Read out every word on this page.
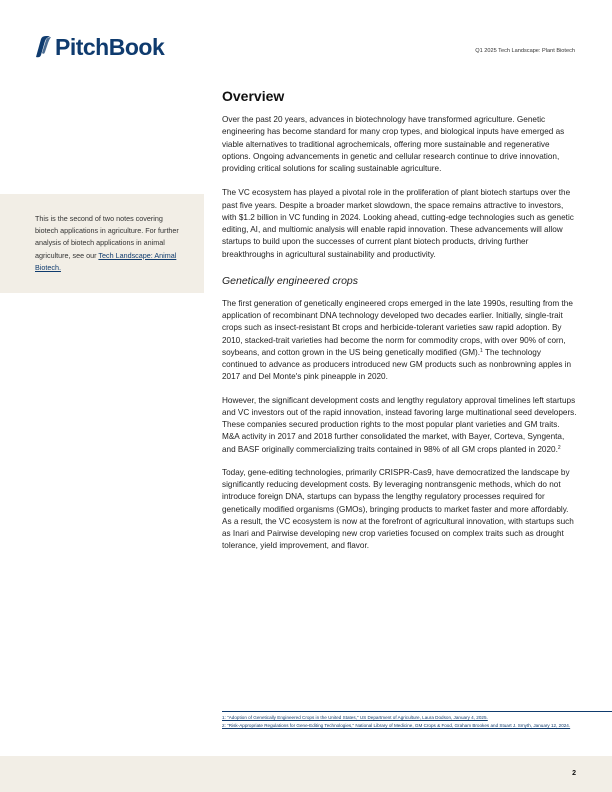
PitchBook	Q1 2025 Tech Landscape: Plant Biotech
This is the second of two notes covering biotech applications in agriculture. For further analysis of biotech applications in animal agriculture, see our Tech Landscape: Animal Biotech.
Overview

Over the past 20 years, advances in biotechnology have transformed agriculture. Genetic engineering has become standard for many crop types, and biological inputs have emerged as viable alternatives to traditional agrochemicals, offering more sustainable and regenerative options. Ongoing advancements in genetic and cellular research continue to drive innovation, providing critical solutions for scaling sustainable agriculture.

The VC ecosystem has played a pivotal role in the proliferation of plant biotech startups over the past five years. Despite a broader market slowdown, the space remains attractive to investors, with $1.2 billion in VC funding in 2024. Looking ahead, cutting-edge technologies such as genetic editing, AI, and multiomic analysis will enable rapid innovation. These advancements will allow startups to build upon the successes of current plant biotech products, driving further breakthroughs in agricultural sustainability and productivity.

Genetically engineered crops

The first generation of genetically engineered crops emerged in the late 1990s, resulting from the application of recombinant DNA technology developed two decades earlier. Initially, single-trait crops such as insect-resistant Bt crops and herbicide-tolerant varieties saw rapid adoption. By 2010, stacked-trait varieties had become the norm for commodity crops, with over 90% of corn, soybeans, and cotton grown in the US being genetically modified (GM).$^1$ The technology continued to advance as producers introduced new GM products such as nonbrowning apples in 2017 and Del Monte's pink pineapple in 2020.

However, the significant development costs and lengthy regulatory approval timelines left startups and VC investors out of the rapid innovation, instead favoring large multinational seed developers. These companies secured production rights to the most popular plant varieties and GM traits. M&A activity in 2017 and 2018 further consolidated the market, with Bayer, Corteva, Syngenta, and BASF originally commercializing traits contained in 98% of all GM crops planted in 2020.$^2$

Today, gene-editing technologies, primarily CRISPR-Cas9, have democratized the landscape by significantly reducing development costs. By leveraging nontransgenic methods, which do not introduce foreign DNA, startups can bypass the lengthy regulatory processes required for genetically modified organisms (GMOs), bringing products to market faster and more affordably. As a result, the VC ecosystem is now at the forefront of agricultural innovation, with startups such as Inari and Pairwise developing new crop varieties focused on complex traits such as drought tolerance, yield improvement, and flavor.

1: "Adoption of Genetically Engineered Crops in the United States," US Department of Agriculture, Laura Dodson, January 4, 2025.
2: "Risk-Appropriate Regulations for Gene-Editing Technologies," National Library of Medicine, GM Crops & Food, Graham Brookes and Stuart J. Smyth, January 12, 2024.
2
